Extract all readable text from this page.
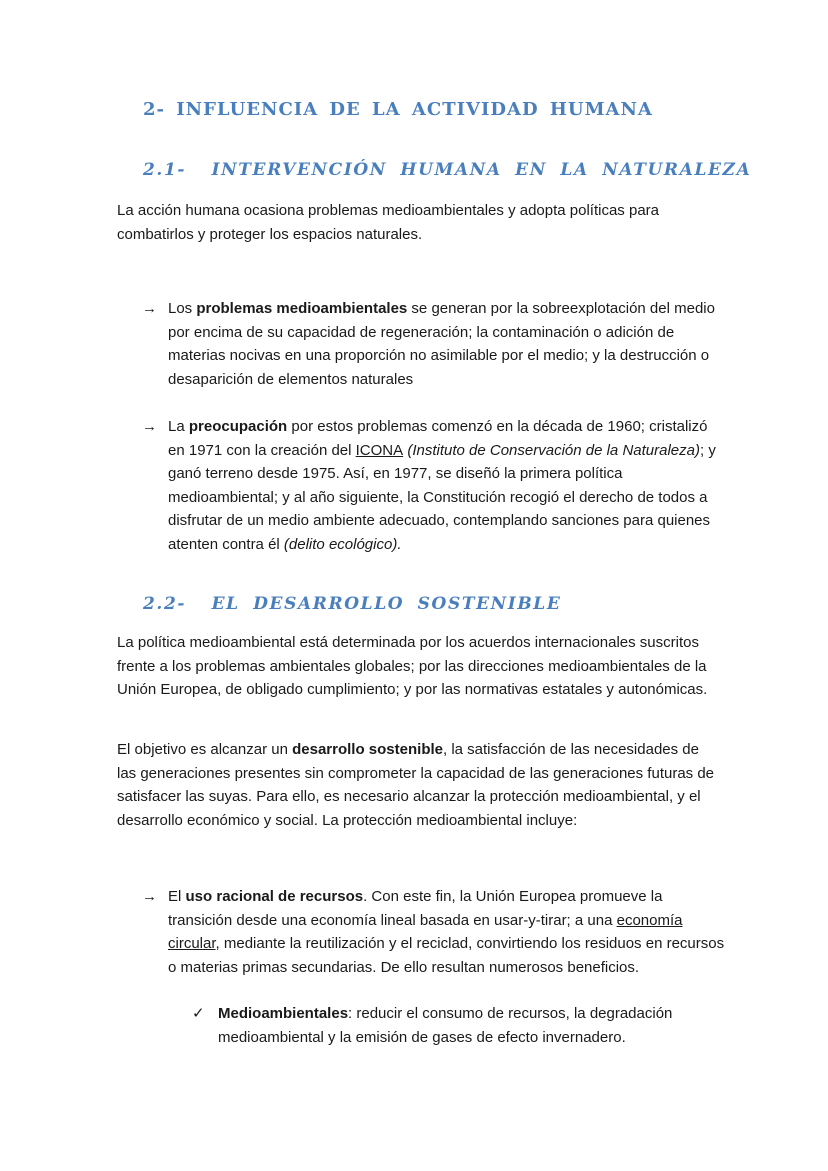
2- INFLUENCIA DE LA ACTIVIDAD HUMANA
2.1- INTERVENCIÓN HUMANA EN LA NATURALEZA

La acción humana ocasiona problemas medioambientales y adopta políticas para combatirlos y proteger los espacios naturales.

→ Los problemas medioambientales se generan por la sobreexplotación del medio por encima de su capacidad de regeneración; la contaminación o adición de materias nocivas en una proporción no asimilable por el medio; y la destrucción o desaparición de elementos naturales

→ La preocupación por estos problemas comenzó en la década de 1960; cristalizó en 1971 con la creación del ICONA (Instituto de Conservación de la Naturaleza); y ganó terreno desde 1975. Así, en 1977, se diseñó la primera política medioambiental; y al año siguiente, la Constitución recogió el derecho de todos a disfrutar de un medio ambiente adecuado, contemplando sanciones para quienes atenten contra él (delito ecológico).

2.2- EL DESARROLLO SOSTENIBLE

La política medioambiental está determinada por los acuerdos internacionales suscritos frente a los problemas ambientales globales; por las direcciones medioambientales de la Unión Europea, de obligado cumplimiento; y por las normativas estatales y autonómicas.

El objetivo es alcanzar un desarrollo sostenible, la satisfacción de las necesidades de las generaciones presentes sin comprometer la capacidad de las generaciones futuras de satisfacer las suyas. Para ello, es necesario alcanzar la protección medioambiental, y el desarrollo económico y social. La protección medioambiental incluye:

→ El uso racional de recursos. Con este fin, la Unión Europea promueve la transición desde una economía lineal basada en usar-y-tirar; a una economía circular, mediante la reutilización y el reciclad, convirtiendo los residuos en recursos o materias primas secundarias. De ello resultan numerosos beneficios.

✓ Medioambientales: reducir el consumo de recursos, la degradación medioambiental y la emisión de gases de efecto invernadero.
